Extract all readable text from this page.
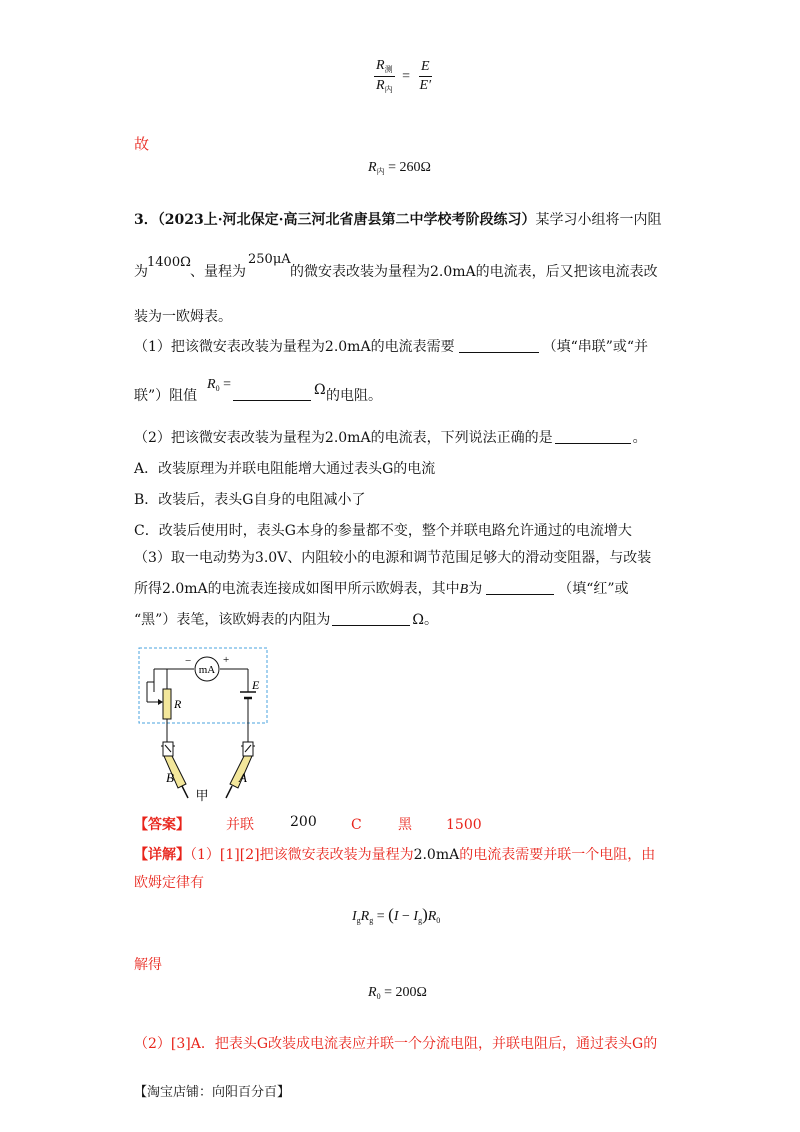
$\frac{R_测}{R_内} = \frac{E}{E'}$
故
$R_内 = 260\Omega$
3．（2023上·河北保定·高三河北省唐县第二中学校考阶段练习）某学习小组将一内阻
1400Ω	250μA
为	、量程为	的微安表改装为量程为2.0mA的电流表，后又把该电流表改
装为一欧姆表。
（1）把该微安表改装为量程为2.0mA的电流表需要	（填“串联”或“并
联”）阻值
$R_0$ =	Ω 的电阻。
（2）把该微安表改装为量程为2.0mA的电流表，下列说法正确的是	。
A．改装原理为并联电阻能增大通过表头G的电流
B．改装后，表头G自身的电阻减小了
C．改装后使用时，表头G本身的参量都不变，整个并联电路允许通过的电流增大
（3）取一电动势为3.0V、内阻较小的电源和调节范围足够大的滑动变阻器，与改装
所得2.0mA的电流表连接成如图甲所示欧姆表，其中B为	（填“红”或
“黑”）表笔，该欧姆表的内阻为	Ω。
mA
−	+
R
E
B	A
甲
【答案】	并联	200 C	黑 1500
【详解】（1）[1][2]把该微安表改装为量程为2.0mA的电流表需要并联一个电阻，由
欧姆定律有
$I_gR_g = (I - I_g)R_0$
解得
$R_0 = 200\Omega$
（2）[3]A．把表头G改装成电流表应并联一个分流电阻，并联电阻后，通过表头G的
【淘宝店铺：向阳百分百】
